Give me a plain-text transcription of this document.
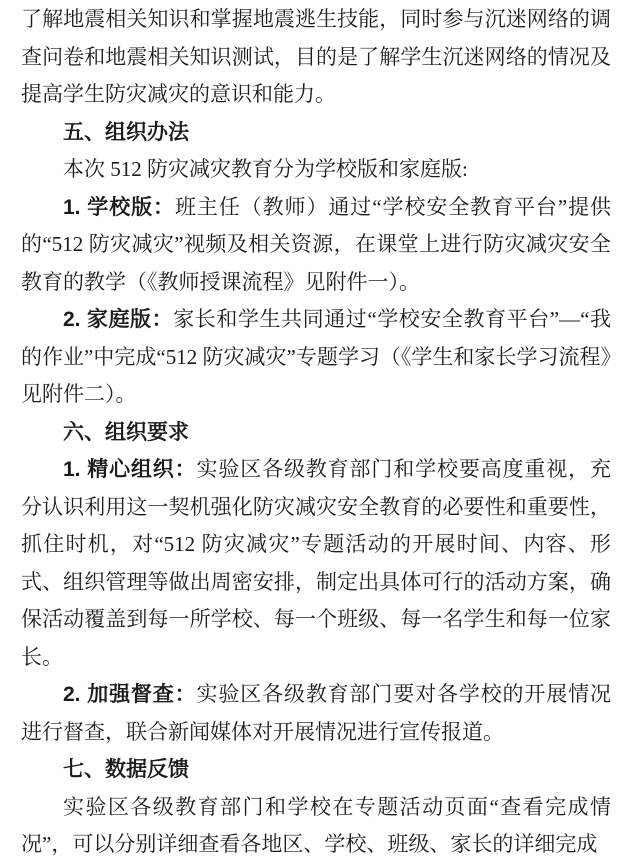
了解地震相关知识和掌握地震逃生技能，同时参与沉迷网络的调查问卷和地震相关知识测试，目的是了解学生沉迷网络的情况及提高学生防灾减灾的意识和能力。

五、组织办法

本次 512 防灾减灾教育分为学校版和家庭版:

1. 学校版：班主任（教师）通过“学校安全教育平台”提供的“512 防灾减灾”视频及相关资源，在课堂上进行防灾减灾安全教育的教学（《教师授课流程》见附件一）。

2. 家庭版：家长和学生共同通过“学校安全教育平台”—“我的作业”中完成“512 防灾减灾”专题学习（《学生和家长学习流程》见附件二）。

六、组织要求

1. 精心组织：实验区各级教育部门和学校要高度重视，充分认识利用这一契机强化防灾减灾安全教育的必要性和重要性，抓住时机，对“512 防灾减灾”专题活动的开展时间、内容、形式、组织管理等做出周密安排，制定出具体可行的活动方案，确保活动覆盖到每一所学校、每一个班级、每一名学生和每一位家长。

2. 加强督查：实验区各级教育部门要对各学校的开展情况进行督查，联合新闻媒体对开展情况进行宣传报道。

七、数据反馈

实验区各级教育部门和学校在专题活动页面“查看完成情况”，可以分别详细查看各地区、学校、班级、家长的详细完成
